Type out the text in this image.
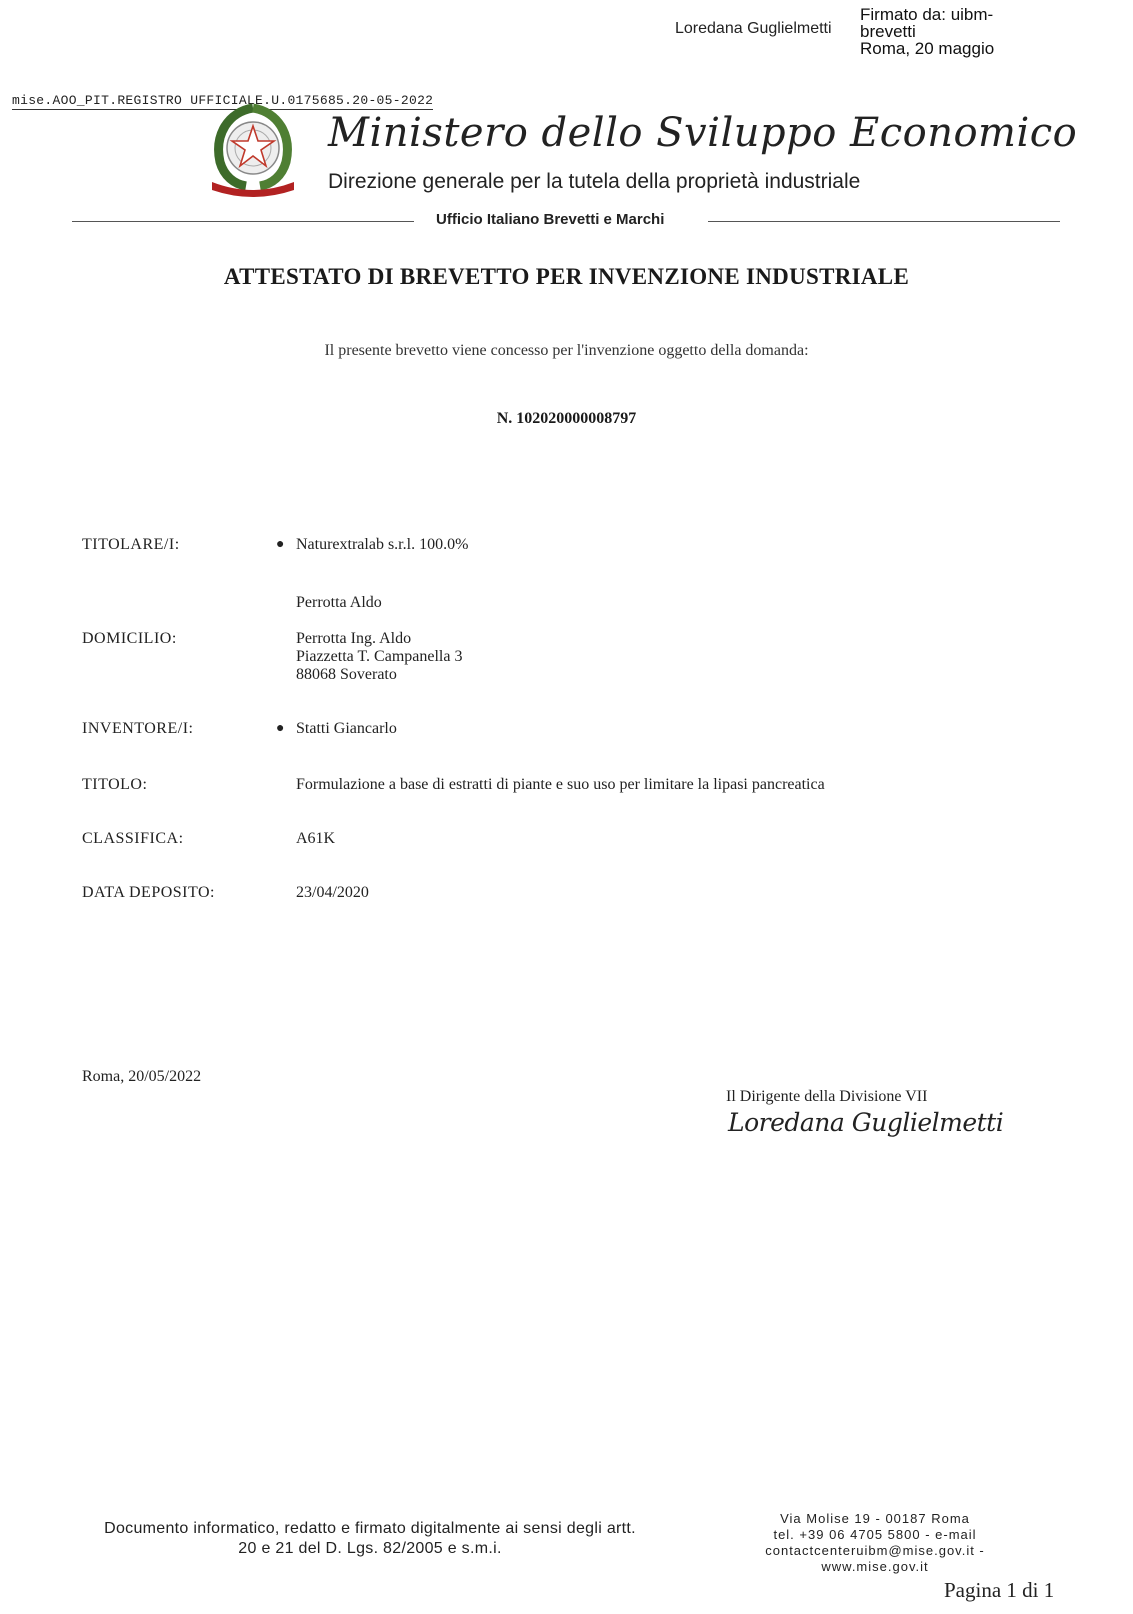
Loredana Guglielmetti
Firmato da: uibm-
brevetti
Roma, 20 maggio
mise.AOO_PIT.REGISTRO UFFICIALE.U.0175685.20-05-2022
Ministero dello Sviluppo Economico
Direzione generale per la tutela della proprietà industriale
Ufficio Italiano Brevetti e Marchi
ATTESTATO DI BREVETTO PER INVENZIONE INDUSTRIALE
Il presente brevetto viene concesso per l'invenzione oggetto della domanda:
N. 102020000008797
TITOLARE/I:	● Naturextralab s.r.l. 100.0%
Perrotta Aldo
DOMICILIO:	Perrotta Ing. Aldo
Piazzetta T. Campanella 3
88068 Soverato
INVENTORE/I:	● Statti Giancarlo
TITOLO:	Formulazione a base di estratti di piante e suo uso per limitare la lipasi pancreatica
CLASSIFICA:	A61K
DATA DEPOSITO:	23/04/2020
Roma, 20/05/2022
Il Dirigente della Divisione VII
Loredana Guglielmetti
Documento informatico, redatto e firmato digitalmente ai sensi degli artt.
20 e 21 del D. Lgs. 82/2005 e s.m.i.
Via Molise 19 - 00187 Roma
tel. +39 06 4705 5800 - e-mail
contactcenteruibm@mise.gov.it -
www.mise.gov.it
Pagina 1 di 1
